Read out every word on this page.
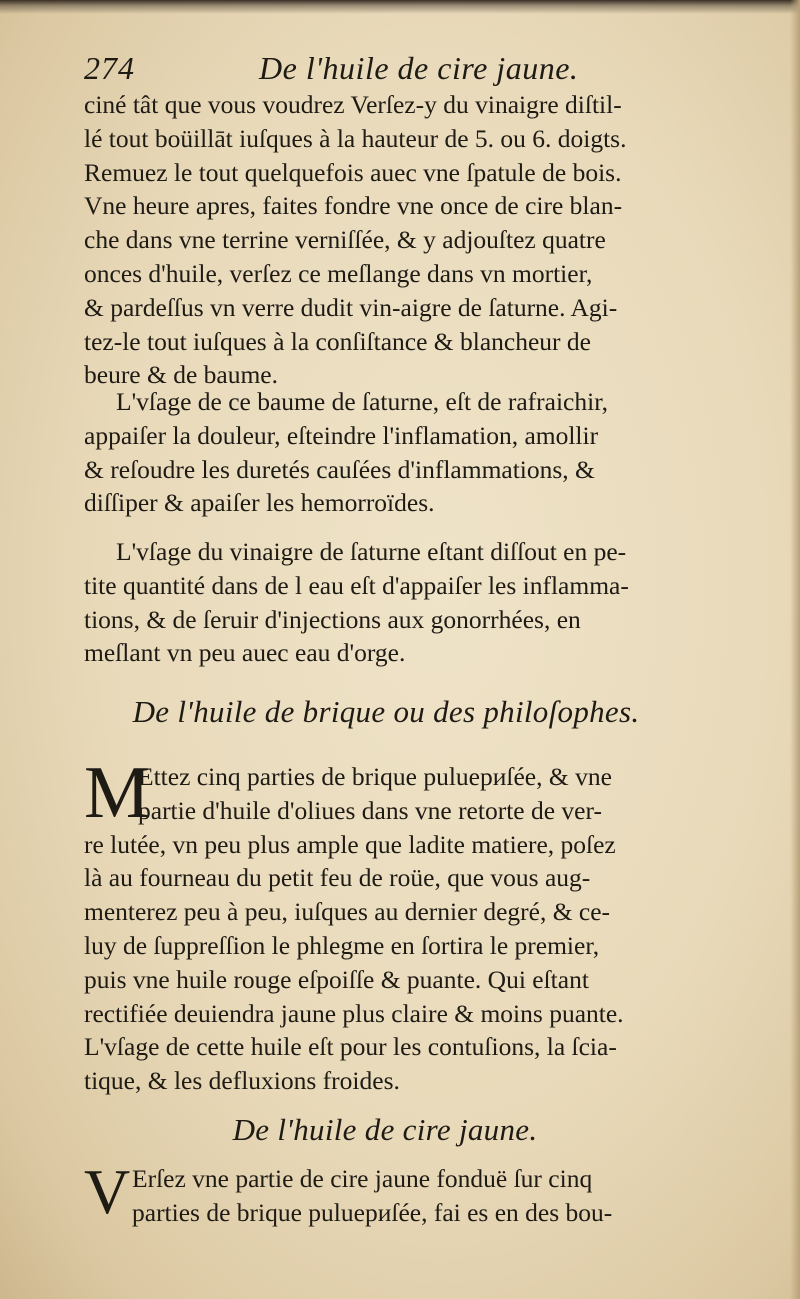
274	De l'huile de cire jaune.
ciné tât que vous voudrez Verſez-y du vinaigre diſtil-
lé tout boüillāt iuſques à la hauteur de 5. ou 6. doigts.
Remuez le tout quelquefois auec vne ſpatule de bois.
Vne heure apres, faites fondre vne once de cire blan-
che dans vne terrine verniſſée, & y adjouſtez quatre
onces d'huile, verſez ce meſlange dans vn mortier,
& pardeſſus vn verre dudit vin-aigre de ſaturne. Agi-
tez-le tout iuſques à la conſiſtance & blancheur de
beure & de baume.
L'vſage de ce baume de ſaturne, eſt de rafraichir,
appaiſer la douleur, eſteindre l'inflamation, amollir
& reſoudre les duretés cauſées d'inflammations, &
diſſiper & apaiſer les hemorroïdes.
L'vſage du vinaigre de ſaturne eſtant diſſout en pe-
tite quantité dans de l eau eſt d'appaiſer les inflamma-
tions, & de ſeruir d'injections aux gonorrhées, en
meſlant vn peu auec eau d'orge.
De l'huile de brique ou des philoſophes.
M
Ettez cinq parties de brique puluериſée, & vne
partie d'huile d'oliues dans vne retorte de ver-
re lutée, vn peu plus ample que ladite matiere, poſez
là au fourneau du petit feu de roüe, que vous aug-
menterez peu à peu, iuſques au dernier degré, & ce-
luy de ſuppreſſion le phlegme en ſortira le premier,
puis vne huile rouge eſpoiſſe & puante. Qui eſtant
rectifiée deuiendra jaune plus claire & moins puante.
L'vſage de cette huile eſt pour les contuſions, la ſcia-
tique, & les defluxions froides.
De l'huile de cire jaune.
V Erſez vne partie de cire jaune fonduë ſur cinq
parties de brique puluериſée, fai es en des bou-
